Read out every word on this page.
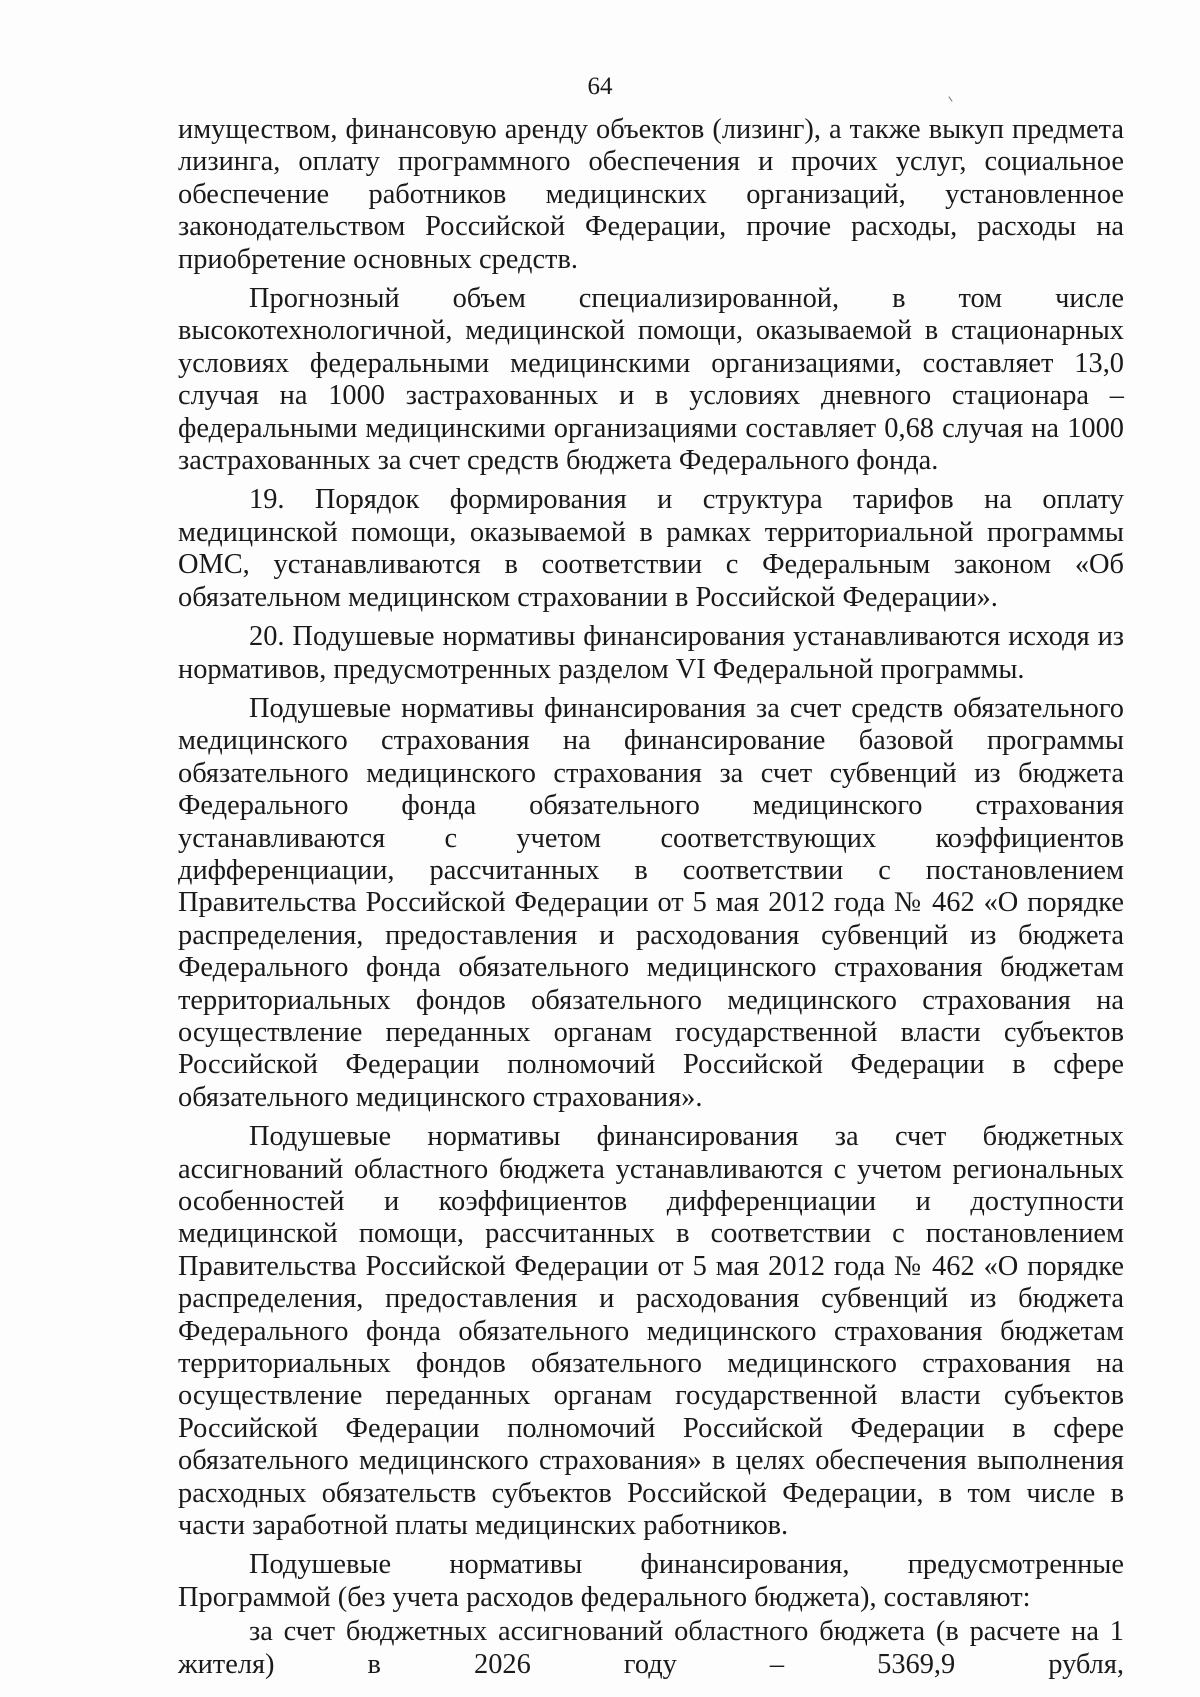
64

имуществом, финансовую аренду объектов (лизинг), а также выкуп предмета лизинга, оплату программного обеспечения и прочих услуг, социальное обеспечение работников медицинских организаций, установленное законодательством Российской Федерации, прочие расходы, расходы на приобретение основных средств.

Прогнозный объем специализированной, в том числе высокотехнологичной, медицинской помощи, оказываемой в стационарных условиях федеральными медицинскими организациями, составляет 13,0 случая на 1000 застрахованных и в условиях дневного стационара – федеральными медицинскими организациями составляет 0,68 случая на 1000 застрахованных за счет средств бюджета Федерального фонда.

19. Порядок формирования и структура тарифов на оплату медицинской помощи, оказываемой в рамках территориальной программы ОМС, устанавливаются в соответствии с Федеральным законом «Об обязательном медицинском страховании в Российской Федерации».

20. Подушевые нормативы финансирования устанавливаются исходя из нормативов, предусмотренных разделом VI Федеральной программы.

Подушевые нормативы финансирования за счет средств обязательного медицинского страхования на финансирование базовой программы обязательного медицинского страхования за счет субвенций из бюджета Федерального фонда обязательного медицинского страхования устанавливаются с учетом соответствующих коэффициентов дифференциации, рассчитанных в соответствии с постановлением Правительства Российской Федерации от 5 мая 2012 года № 462 «О порядке распределения, предоставления и расходования субвенций из бюджета Федерального фонда обязательного медицинского страхования бюджетам территориальных фондов обязательного медицинского страхования на осуществление переданных органам государственной власти субъектов Российской Федерации полномочий Российской Федерации в сфере обязательного медицинского страхования».

Подушевые нормативы финансирования за счет бюджетных ассигнований областного бюджета устанавливаются с учетом региональных особенностей и коэффициентов дифференциации и доступности медицинской помощи, рассчитанных в соответствии с постановлением Правительства Российской Федерации от 5 мая 2012 года № 462 «О порядке распределения, предоставления и расходования субвенций из бюджета Федерального фонда обязательного медицинского страхования бюджетам территориальных фондов обязательного медицинского страхования на осуществление переданных органам государственной власти субъектов Российской Федерации полномочий Российской Федерации в сфере обязательного медицинского страхования» в целях обеспечения выполнения расходных обязательств субъектов Российской Федерации, в том числе в части заработной платы медицинских работников.

Подушевые нормативы финансирования, предусмотренные Программой (без учета расходов федерального бюджета), составляют:

за счет бюджетных ассигнований областного бюджета (в расчете на 1 жителя) в 2026 году – 5369,9 рубля,
